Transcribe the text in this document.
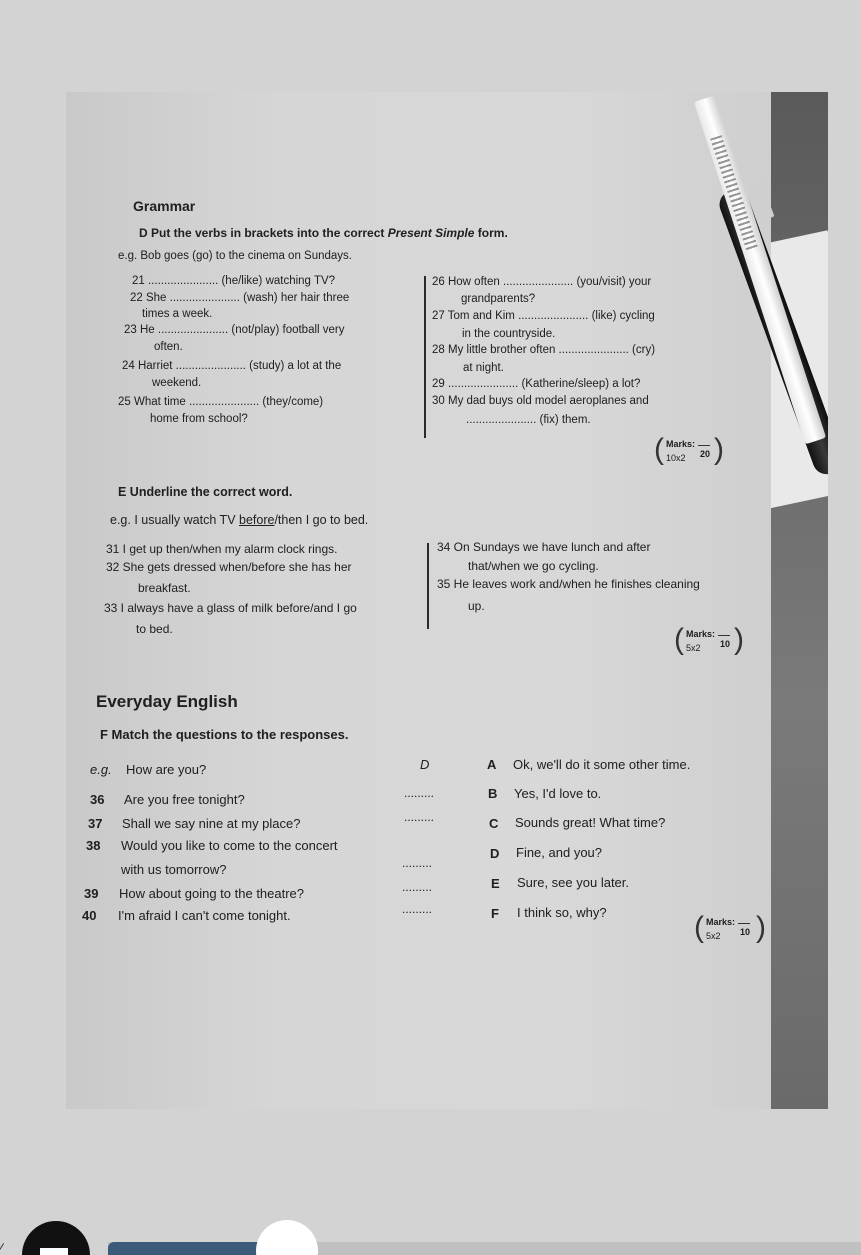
Grammar
D Put the verbs in brackets into the correct Present Simple form.
e.g. Bob goes (go) to the cinema on Sundays.
21 ...................... (he/like) watching TV?
22 She ...................... (wash) her hair three
times a week.
23 He ...................... (not/play) football very
often.
24 Harriet ...................... (study) a lot at the
weekend.
25 What time ...................... (they/come)
home from school?
26 How often ...................... (you/visit) your
grandparents?
27 Tom and Kim ...................... (like) cycling
in the countryside.
28 My little brother often ...................... (cry)
at night.
29 ...................... (Katherine/sleep) a lot?
30 My dad buys old model aeroplanes and
...................... (fix) them.
( Marks:
10x2 20 )
E Underline the correct word.
e.g. I usually watch TV before/then I go to bed.
31 I get up then/when my alarm clock rings.
32 She gets dressed when/before she has her
breakfast.
33 I always have a glass of milk before/and I go
to bed.
34 On Sundays we have lunch and after
that/when we go cycling.
35 He leaves work and/when he finishes cleaning
up.
( Marks:
5x2 10 )
Everyday English
F Match the questions to the responses.
e.g. How are you?	D
36 Are you free tonight?	.........
37 Shall we say nine at my place?	.........
38 Would you like to come to the concert
with us tomorrow?	.........
39 How about going to the theatre?	.........
40 I'm afraid I can't come tonight.	.........
A Ok, we'll do it some other time.
B Yes, I'd love to.
C Sounds great! What time?
D Fine, and you?
E Sure, see you later.
F I think so, why?	( Marks:
5x2 10 )
∕
